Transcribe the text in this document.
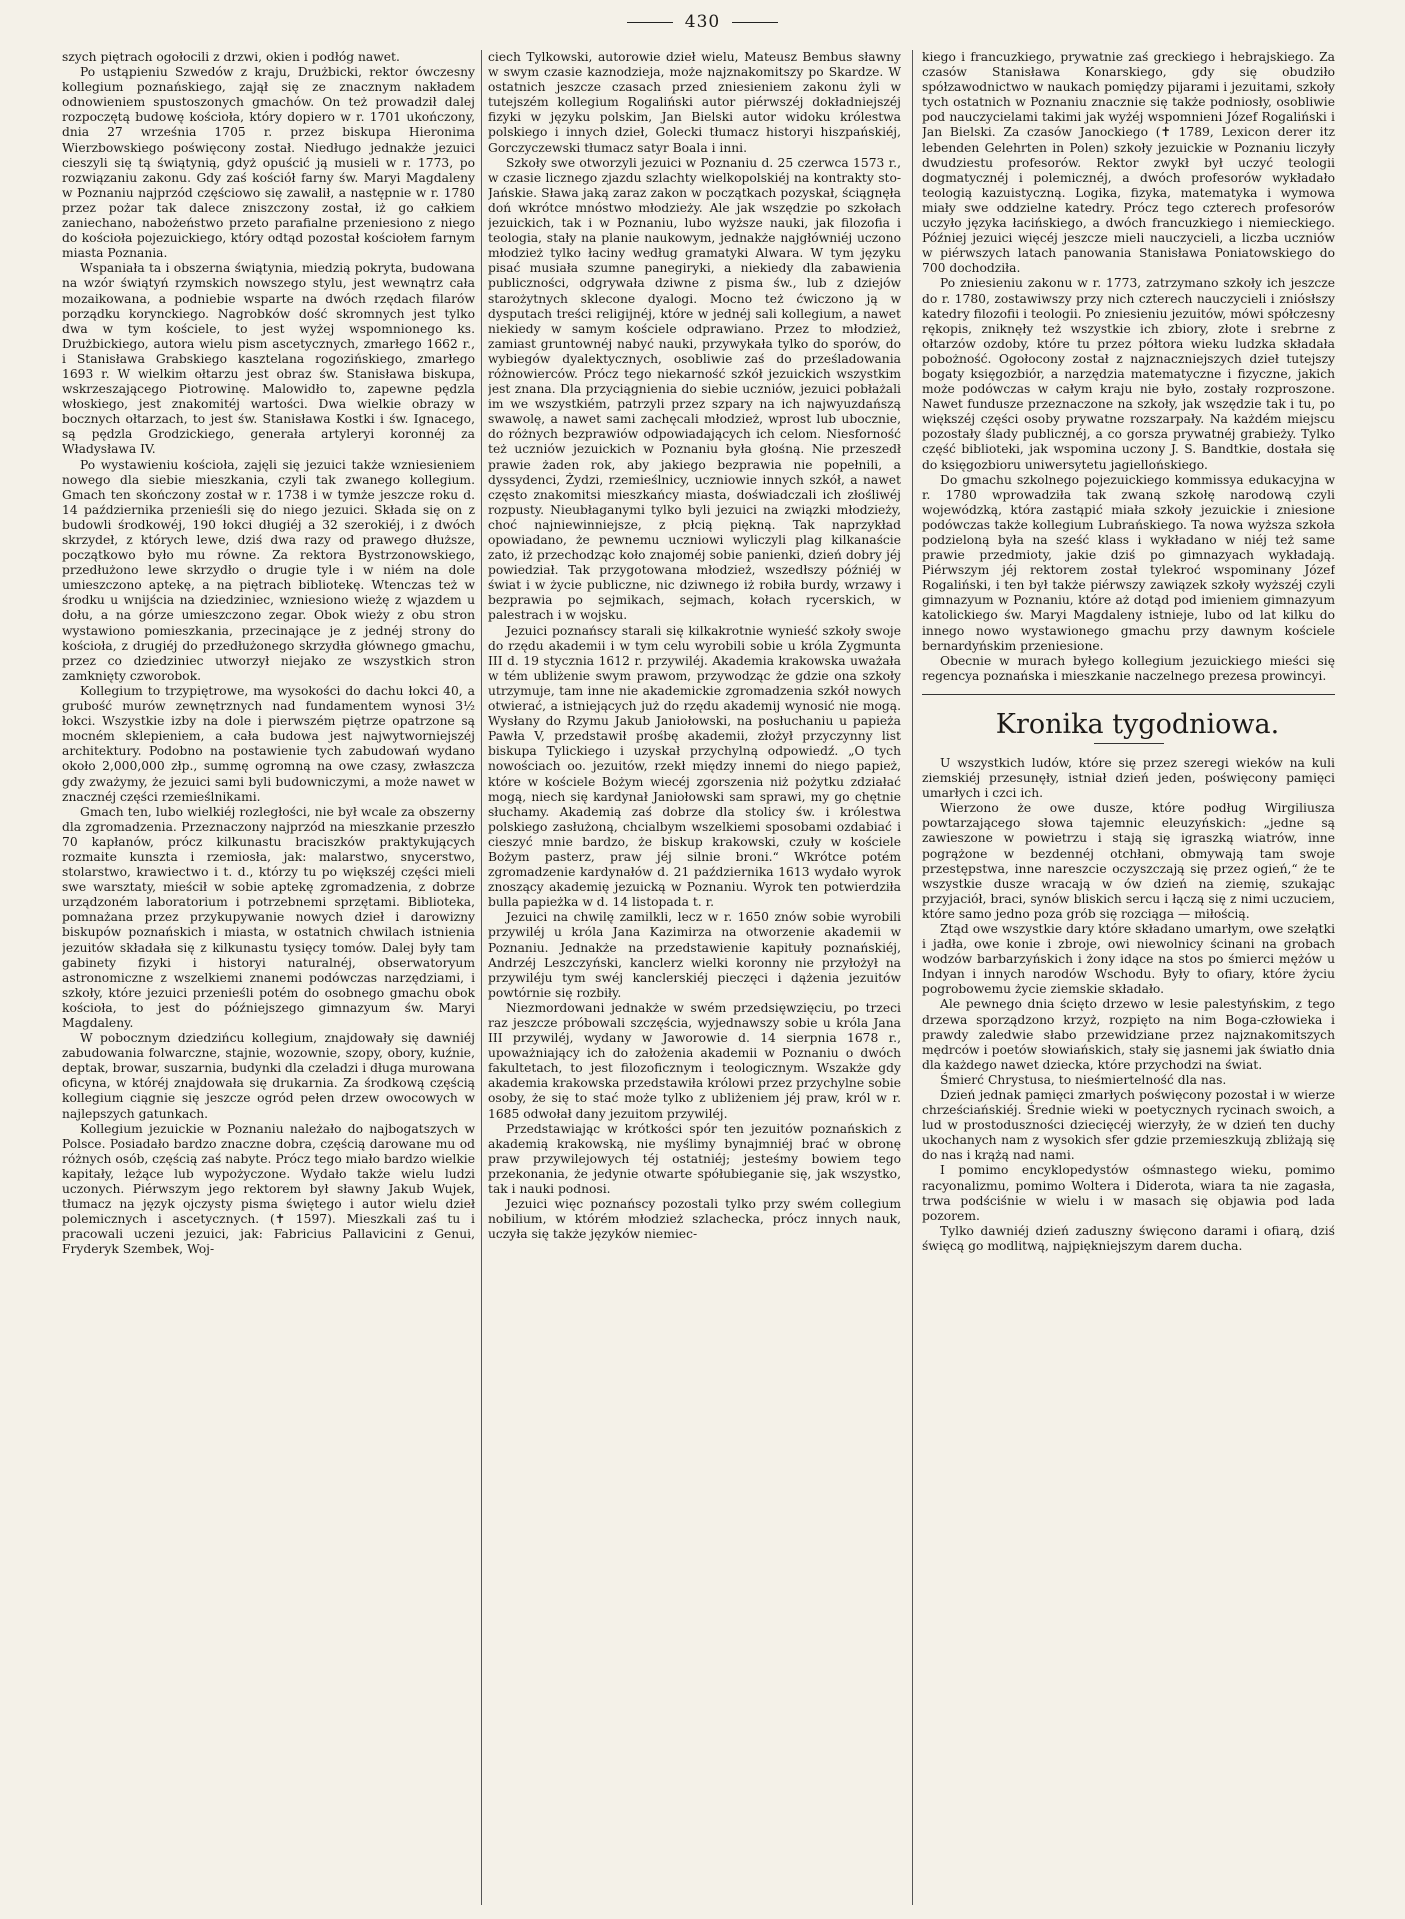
430

szych piętrach ogołocili z drzwi, okien i podłóg nawet.

Po ustąpieniu Szwedów z kraju, Drużbicki, rektor ówczesny kollegium poznańskiego, zajął się ze znacznym nakładem odnowieniem spustoszonych gmachów. On też prowadził dalej rozpoczętą budowę kościoła, który dopiero w r. 1701 ukończony, dnia 27 września 1705 r. przez biskupa Hieronima Wierzbowskiego poświęcony został. Niedługo jednakże jezuici cieszyli się tą świątynią, gdyż opuścić ją musieli w r. 1773, po rozwiązaniu zakonu. Gdy zaś kościół farny św. Maryi Magdaleny w Poznaniu najprzód częściowo się zawalił, a następnie w r. 1780 przez pożar tak dalece zniszczony został, iż go całkiem zaniechano, nabożeństwo przeto parafialne przeniesiono z niego do kościoła pojezuickiego, który odtąd pozostał kościołem farnym miasta Poznania.

Wspaniała ta i obszerna świątynia, miedzią pokryta, budowana na wzór świątyń rzymskich nowszego stylu, jest wewnątrz cała mozaikowana, a podniebie wsparte na dwóch rzędach filarów porządku korynckiego. Nagrobków dość skromnych jest tylko dwa w tym kościele, to jest wyżej wspomnionego ks. Drużbickiego, autora wielu pism ascetycznych, zmarłego 1662 r., i Stanisława Grabskiego kasztelana rogozińskiego, zmarłego 1693 r. W wielkim ołtarzu jest obraz św. Stanisława biskupa, wskrzeszającego Piotrowinę. Malowidło to, zapewne pędzla włoskiego, jest znakomitéj wartości. Dwa wielkie obrazy w bocznych ołtarzach, to jest św. Stanisława Kostki i św. Ignacego, są pędzla Grodzickiego, generała artyleryi koronnéj za Władysława IV.

Po wystawieniu kościoła, zajęli się jezuici także wzniesieniem nowego dla siebie mieszkania, czyli tak zwanego kollegium. Gmach ten skończony został w r. 1738 i w tymże jeszcze roku d. 14 października przenieśli się do niego jezuici. Składa się on z budowli środkowéj, 190 łokci długiéj a 32 szerokiéj, i z dwóch skrzydeł, z których lewe, dziś dwa razy od prawego dłuższe, początkowo było mu równe. Za rektora Bystrzonowskiego, przedłużono lewe skrzydło o drugie tyle i w niém na dole umieszczono aptekę, a na piętrach bibliotekę. Wtenczas też w środku u wnijścia na dziedziniec, wzniesiono wieżę z wjazdem u dołu, a na górze umieszczono zegar. Obok wieży z obu stron wystawiono pomieszkania, przecinające je z jednéj strony do kościoła, z drugiéj do przedłużonego skrzydła głównego gmachu, przez co dziedziniec utworzył niejako ze wszystkich stron zamknięty czworobok.

Kollegium to trzypiętrowe, ma wysokości do dachu łokci 40, a grubość murów zewnętrznych nad fundamentem wynosi 3½ łokci. Wszystkie izby na dole i pierwszém piętrze opatrzone są mocném sklepieniem, a cała budowa jest najwytworniejszéj architektury. Podobno na postawienie tych zabudowań wydano około 2,000,000 złp., summę ogromną na owe czasy, zwłaszcza gdy zważymy, że jezuici sami byli budowniczymi, a może nawet w znacznéj części rzemieślnikami.

Gmach ten, lubo wielkiéj rozległości, nie był wcale za obszerny dla zgromadzenia. Przeznaczony najprzód na mieszkanie przeszło 70 kapłanów, prócz kilkunastu braciszków praktykujących rozmaite kunszta i rzemiosła, jak: malarstwo, snycerstwo, stolarstwo, krawiectwo i t. d., którzy tu po większéj części mieli swe warsztaty, mieścił w sobie aptekę zgromadzenia, z dobrze urządzoném laboratorium i potrzebnemi sprzętami. Biblioteka, pomnażana przez przykupywanie nowych dzieł i darowizny biskupów poznańskich i miasta, w ostatnich chwilach istnienia jezuitów składała się z kilkunastu tysięcy tomów. Dalej były tam gabinety fizyki i historyi naturalnéj, obserwatoryum astronomiczne z wszelkiemi znanemi podówczas narzędziami, i szkoły, które jezuici przenieśli potém do osobnego gmachu obok kościoła, to jest do późniejszego gimnazyum św. Maryi Magdaleny.

W pobocznym dziedzińcu kollegium, znajdowały się dawniéj zabudowania folwarczne, stajnie, wozownie, szopy, obory, kuźnie, deptak, browar, suszarnia, budynki dla czeladzi i długa murowana oficyna, w któréj znajdowała się drukarnia. Za środkową częścią kollegium ciągnie się jeszcze ogród pełen drzew owocowych w najlepszych gatunkach.

Kollegium jezuickie w Poznaniu należało do najbogatszych w Polsce. Posiadało bardzo znaczne dobra, częścią darowane mu od różnych osób, częścią zaś nabyte. Prócz tego miało bardzo wielkie kapitały, leżące lub wypożyczone. Wydało także wielu ludzi uczonych. Piérwszym jego rektorem był sławny Jakub Wujek, tłumacz na język ojczysty pisma świętego i autor wielu dzieł polemicznych i ascetycznych. (✝ 1597). Mieszkali zaś tu i pracowali uczeni jezuici, jak: Fabricius Pallavicini z Genui, Fryderyk Szembek, Woj-

ciech Tylkowski, autorowie dzieł wielu, Mateusz Bembus sławny w swym czasie kaznodzieja, może najznakomitszy po Skardze. W ostatnich jeszcze czasach przed zniesieniem zakonu żyli w tutejszém kollegium Rogaliński autor piérwszéj dokładniejszéj fizyki w języku polskim, Jan Bielski autor widoku królestwa polskiego i innych dzieł, Golecki tłumacz historyi hiszpańskiéj, Gorczyczewski tłumacz satyr Boala i inni.

Szkoły swe otworzyli jezuici w Poznaniu d. 25 czerwca 1573 r., w czasie licznego zjazdu szlachty wielkopolskiéj na kontrakty sto-Jańskie. Sława jaką zaraz zakon w początkach pozyskał, ściągnęła doń wkrótce mnóstwo młodzieży. Ale jak wszędzie po szkołach jezuickich, tak i w Poznaniu, lubo wyższe nauki, jak filozofia i teologia, stały na planie naukowym, jednakże najgłówniéj uczono młodzież tylko łaciny według gramatyki Alwara. W tym języku pisać musiała szumne panegiryki, a niekiedy dla zabawienia publiczności, odgrywała dziwne z pisma św., lub z dziejów starożytnych sklecone dyalogi. Mocno też ćwiczono ją w dysputach treści religijnéj, które w jednéj sali kollegium, a nawet niekiedy w samym kościele odprawiano. Przez to młodzież, zamiast gruntownéj nabyć nauki, przywykała tylko do sporów, do wybiegów dyalektycznych, osobliwie zaś do prześladowania różnowierców. Prócz tego niekarność szkół jezuickich wszystkim jest znana. Dla przyciągnienia do siebie uczniów, jezuici pobłażali im we wszystkiém, patrzyli przez szpary na ich najwyuzdańszą swawolę, a nawet sami zachęcali młodzież, wprost lub ubocznie, do różnych bezprawiów odpowiadających ich celom. Niesforność też uczniów jezuickich w Poznaniu była głośną. Nie przeszedł prawie żaden rok, aby jakiego bezprawia nie popełnili, a dyssydenci, Żydzi, rzemieślnicy, uczniowie innych szkół, a nawet często znakomitsi mieszkańcy miasta, doświadczali ich złośliwéj rozpusty. Nieubłaganymi tylko byli jezuici na związki młodzieży, choć najniewinniejsze, z płcią piękną. Tak naprzykład opowiadano, że pewnemu uczniowi wyliczyli plag kilkanaście zato, iż przechodząc koło znajoméj sobie panienki, dzień dobry jéj powiedział. Tak przygotowana młodzież, wszedłszy późniéj w świat i w życie publiczne, nic dziwnego iż robiła burdy, wrzawy i bezprawia po sejmikach, sejmach, kołach rycerskich, w palestrach i w wojsku.

Jezuici poznańscy starali się kilkakrotnie wynieść szkoły swoje do rzędu akademii i w tym celu wyrobili sobie u króla Zygmunta III d. 19 stycznia 1612 r. przywiléj. Akademia krakowska uważała w tém ubliżenie swym prawom, przywodząc że gdzie ona szkoły utrzymuje, tam inne nie akademickie zgromadzenia szkół nowych otwierać, a istniejących już do rzędu akademij wynosić nie mogą. Wysłany do Rzymu Jakub Janiołowski, na posłuchaniu u papieża Pawła V, przedstawił prośbę akademii, złożył przyczynny list biskupa Tylickiego i uzyskał przychylną odpowiedź. „O tych nowościach oo. jezuitów, rzekł między innemi do niego papież, które w kościele Bożym wiecéj zgorszenia niż pożytku zdziałać mogą, niech się kardynał Janiołowski sam sprawi, my go chętnie słuchamy. Akademią zaś dobrze dla stolicy św. i królestwa polskiego zasłużoną, chcialbym wszelkiemi sposobami ozdabiać i cieszyć mnie bardzo, że biskup krakowski, czuły w kościele Bożym pasterz, praw jéj silnie broni.“ Wkrótce potém zgromadzenie kardynałów d. 21 października 1613 wydało wyrok znoszący akademię jezuicką w Poznaniu. Wyrok ten potwierdziła bulla papieżka w d. 14 listopada t. r.

Jezuici na chwilę zamilkli, lecz w r. 1650 znów sobie wyrobili przywiléj u króla Jana Kazimirza na otworzenie akademii w Poznaniu. Jednakże na przedstawienie kapituły poznańskiéj, Andrzéj Leszczyński, kanclerz wielki koronny nie przyłożył na przywiléju tym swéj kanclerskiéj pieczęci i dążenia jezuitów powtórnie się rozbiły.

Niezmordowani jednakże w swém przedsięwzięciu, po trzeci raz jeszcze próbowali szczęścia, wyjednawszy sobie u króla Jana III przywiléj, wydany w Jaworowie d. 14 sierpnia 1678 r., upoważniający ich do założenia akademii w Poznaniu o dwóch fakultetach, to jest filozoficznym i teologicznym. Wszakże gdy akademia krakowska przedstawiła królowi przez przychylne sobie osoby, że się to stać może tylko z ubliżeniem jéj praw, król w r. 1685 odwołał dany jezuitom przywiléj.

Przedstawiając w krótkości spór ten jezuitów poznańskich z akademią krakowską, nie myślimy bynajmniéj brać w obronę praw przywilejowych téj ostatniéj; jesteśmy bowiem tego przekonania, że jedynie otwarte spółubieganie się, jak wszystko, tak i nauki podnosi.

Jezuici więc poznańscy pozostali tylko przy swém collegium nobilium, w którém młodzież szlachecka, prócz innych nauk, uczyła się także języków niemiec-

kiego i francuzkiego, prywatnie zaś greckiego i hebrajskiego. Za czasów Stanisława Konarskiego, gdy się obudziło spółzawodnictwo w naukach pomiędzy pijarami i jezuitami, szkoły tych ostatnich w Poznaniu znacznie się także podniosły, osobliwie pod nauczycielami takimi jak wyżéj wspomnieni Józef Rogaliński i Jan Bielski. Za czasów Janockiego (✝ 1789, Lexicon derer itz lebenden Gelehrten in Polen) szkoły jezuickie w Poznaniu liczyły dwudziestu profesorów. Rektor zwykł był uczyć teologii dogmatycznéj i polemicznéj, a dwóch profesorów wykładało teologią kazuistyczną. Logika, fizyka, matematyka i wymowa miały swe oddzielne katedry. Prócz tego czterech profesorów uczyło języka łacińskiego, a dwóch francuzkiego i niemieckiego. Później jezuici więcéj jeszcze mieli nauczycieli, a liczba uczniów w piérwszych latach panowania Stanisława Poniatowskiego do 700 dochodziła.

Po zniesieniu zakonu w r. 1773, zatrzymano szkoły ich jeszcze do r. 1780, zostawiwszy przy nich czterech nauczycieli i zniósłszy katedry filozofii i teologii. Po zniesieniu jezuitów, mówi spółczesny rękopis, zniknęły też wszystkie ich zbiory, złote i srebrne z ołtarzów ozdoby, które tu przez półtora wieku ludzka składała pobożność. Ogołocony został z najznaczniejszych dzieł tutejszy bogaty księgozbiór, a narzędzia matematyczne i fizyczne, jakich może podówczas w całym kraju nie było, zostały rozproszone. Nawet fundusze przeznaczone na szkoły, jak wszędzie tak i tu, po większéj części osoby prywatne rozszarpały. Na każdém miejscu pozostały ślady publicznéj, a co gorsza prywatnéj grabieży. Tylko część biblioteki, jak wspomina uczony J. S. Bandtkie, dostała się do księgozbioru uniwersytetu jagiellońskiego.

Do gmachu szkolnego pojezuickiego kommissya edukacyjna w r. 1780 wprowadziła tak zwaną szkołę narodową czyli wojewódzką, która zastąpić miała szkoły jezuickie i zniesione podówczas także kollegium Lubrańskiego. Ta nowa wyższa szkoła podzieloną była na sześć klass i wykładano w niéj też same prawie przedmioty, jakie dziś po gimnazyach wykładają. Piérwszym jéj rektorem został tylekroć wspominany Józef Rogaliński, i ten był także piérwszy zawiązek szkoły wyższéj czyli gimnazyum w Poznaniu, które aż dotąd pod imieniem gimnazyum katolickiego św. Maryi Magdaleny istnieje, lubo od lat kilku do innego nowo wystawionego gmachu przy dawnym kościele bernardyńskim przeniesione.

Obecnie w murach byłego kollegium jezuickiego mieści się regencya poznańska i mieszkanie naczelnego prezesa prowincyi.

Kronika tygodniowa.

U wszystkich ludów, które się przez szeregi wieków na kuli ziemskiéj przesunęły, istniał dzień jeden, poświęcony pamięci umarłych i czci ich.

Wierzono że owe dusze, które podług Wirgiliusza powtarzającego słowa tajemnic eleuzyńskich: „jedne są zawieszone w powietrzu i stają się igraszką wiatrów, inne pogrążone w bezdennéj otchłani, obmywają tam swoje przestępstwa, inne nareszcie oczyszczają się przez ogień,“ że te wszystkie dusze wracają w ów dzień na ziemię, szukając przyjaciół, braci, synów bliskich sercu i łączą się z nimi uczuciem, które samo jedno poza grób się rozciąga — miłością.

Ztąd owe wszystkie dary które składano umarłym, owe szełątki i jadła, owe konie i zbroje, owi niewolnicy ścinani na grobach wodzów barbarzyńskich i żony idące na stos po śmierci mężów u Indyan i innych narodów Wschodu. Były to ofiary, które życiu pogrobowemu życie ziemskie składało.

Ale pewnego dnia ścięto drzewo w lesie palestyńskim, z tego drzewa sporządzono krzyż, rozpięto na nim Boga-człowieka i prawdy zaledwie słabo przewidziane przez najznakomitszych mędrców i poetów słowiańskich, stały się jasnemi jak światło dnia dla każdego nawet dziecka, które przychodzi na świat.

Śmierć Chrystusa, to nieśmiertelność dla nas.

Dzień jednak pamięci zmarłych poświęcony pozostał i w wierze chrześciańskiéj. Średnie wieki w poetycznych rycinach swoich, a lud w prostoduszności dziecięcéj wierzyły, że w dzień ten duchy ukochanych nam z wysokich sfer gdzie przemieszkują zbliżają się do nas i krążą nad nami.

I pomimo encyklopedystów ośmnastego wieku, pomimo racyonalizmu, pomimo Woltera i Diderota, wiara ta nie zagasła, trwa podściśnie w wielu i w masach się objawia pod lada pozorem.

Tylko dawniéj dzień zaduszny święcono darami i ofiarą, dziś święcą go modlitwą, najpiękniejszym darem ducha.
